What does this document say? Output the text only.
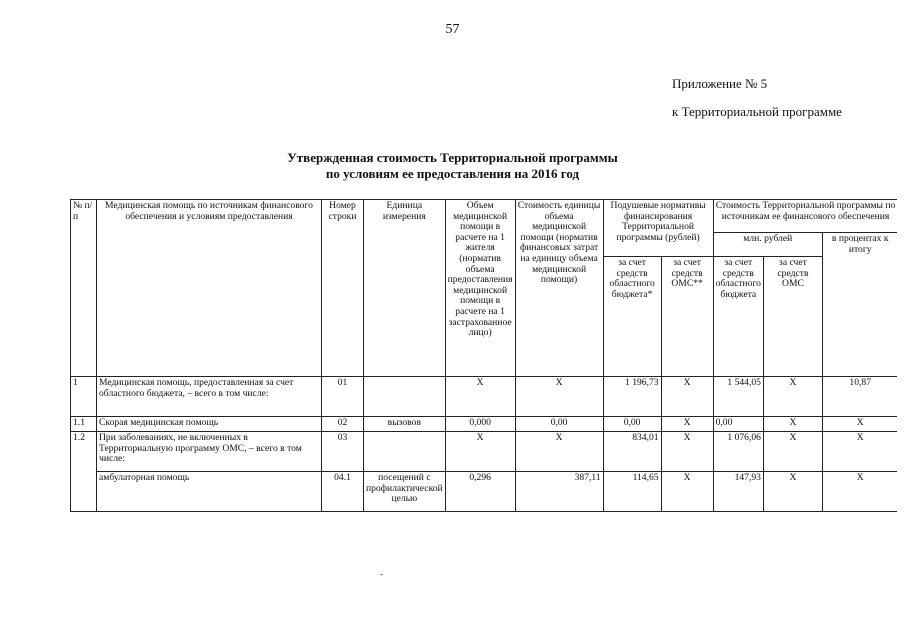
57
Приложение № 5
к Территориальной программе
Утвержденная стоимость Территориальной программы
по условиям ее предоставления на 2016 год
№ п/п	Медицинская помощь по источникам финансового обеспечения и условиям предоставления	Номер строки	Единица измерения	Объем медицинской помощи в расчете на 1 жителя (норматив объема предоставления медицинской помощи в расчете на 1 застрахованное лицо)	Стоимость единицы объема медицинской помощи (норматив финансовых затрат на единицу объема медицинской помощи)	Подушевые нормативы финансирования Территориальной программы (рублей)		Стоимость Территориальной программы по источникам ее финансового обеспечения		
								млн. рублей		в процентах к итогу
						за счет средств областного бюджета*	за счет средств ОМС**	за счет средств областного бюджета	за счет средств ОМС	
1	Медицинская помощь, предоставленная за счет областного бюджета, – всего в том числе:	01		X	X	1 196,73	X	1 544,05	X	10,87
1.1	Скорая медицинская помощь	02	вызовов	0,000	0,00	0,00	X	0,00	X	X
1.2	При заболеваниях, не включенных в Территориальную программу ОМС, – всего в том числе:	03		X	X	834,01	X	1 076,06	X	X
	амбулаторная помощь	04.1	посещений с профилактической целью	0,296	387,11	114,65	X	147,93	X	X
